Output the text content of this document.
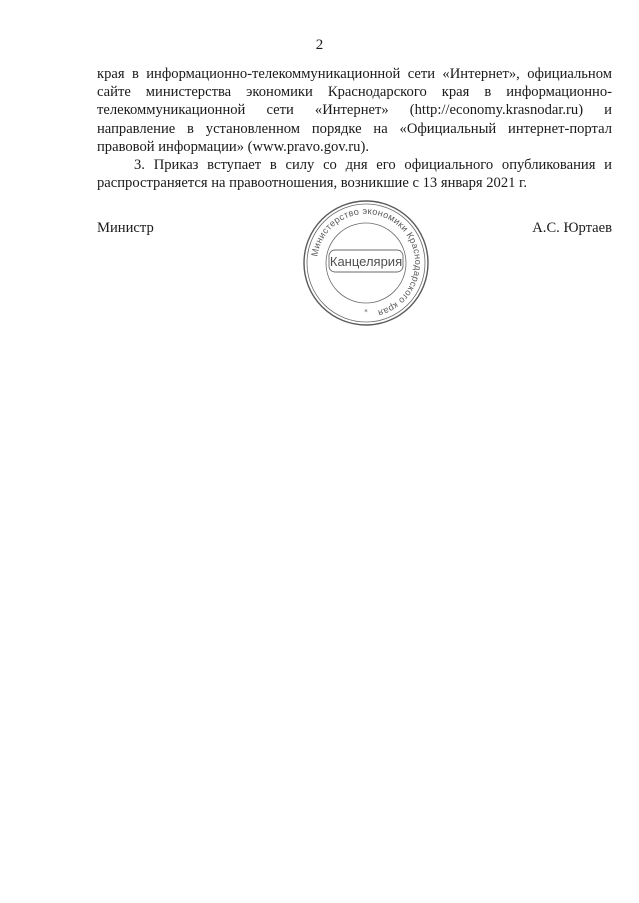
2

края в информационно-телекоммуникационной сети «Интернет», официальном сайте министерства экономики Краснодарского края в информационно-телекоммуникационной сети «Интернет» (http://economy.krasnodar.ru) и направление в установленном порядке на «Официальный интернет-портал правовой информации» (www.pravo.gov.ru).

3. Приказ вступает в силу со дня его официального опубликования и распространяется на правоотношения, возникшие с 13 января 2021 г.

Министр	А.С. Юртаев
Министерство экономики Краснодарского края
*
Канцелярия
